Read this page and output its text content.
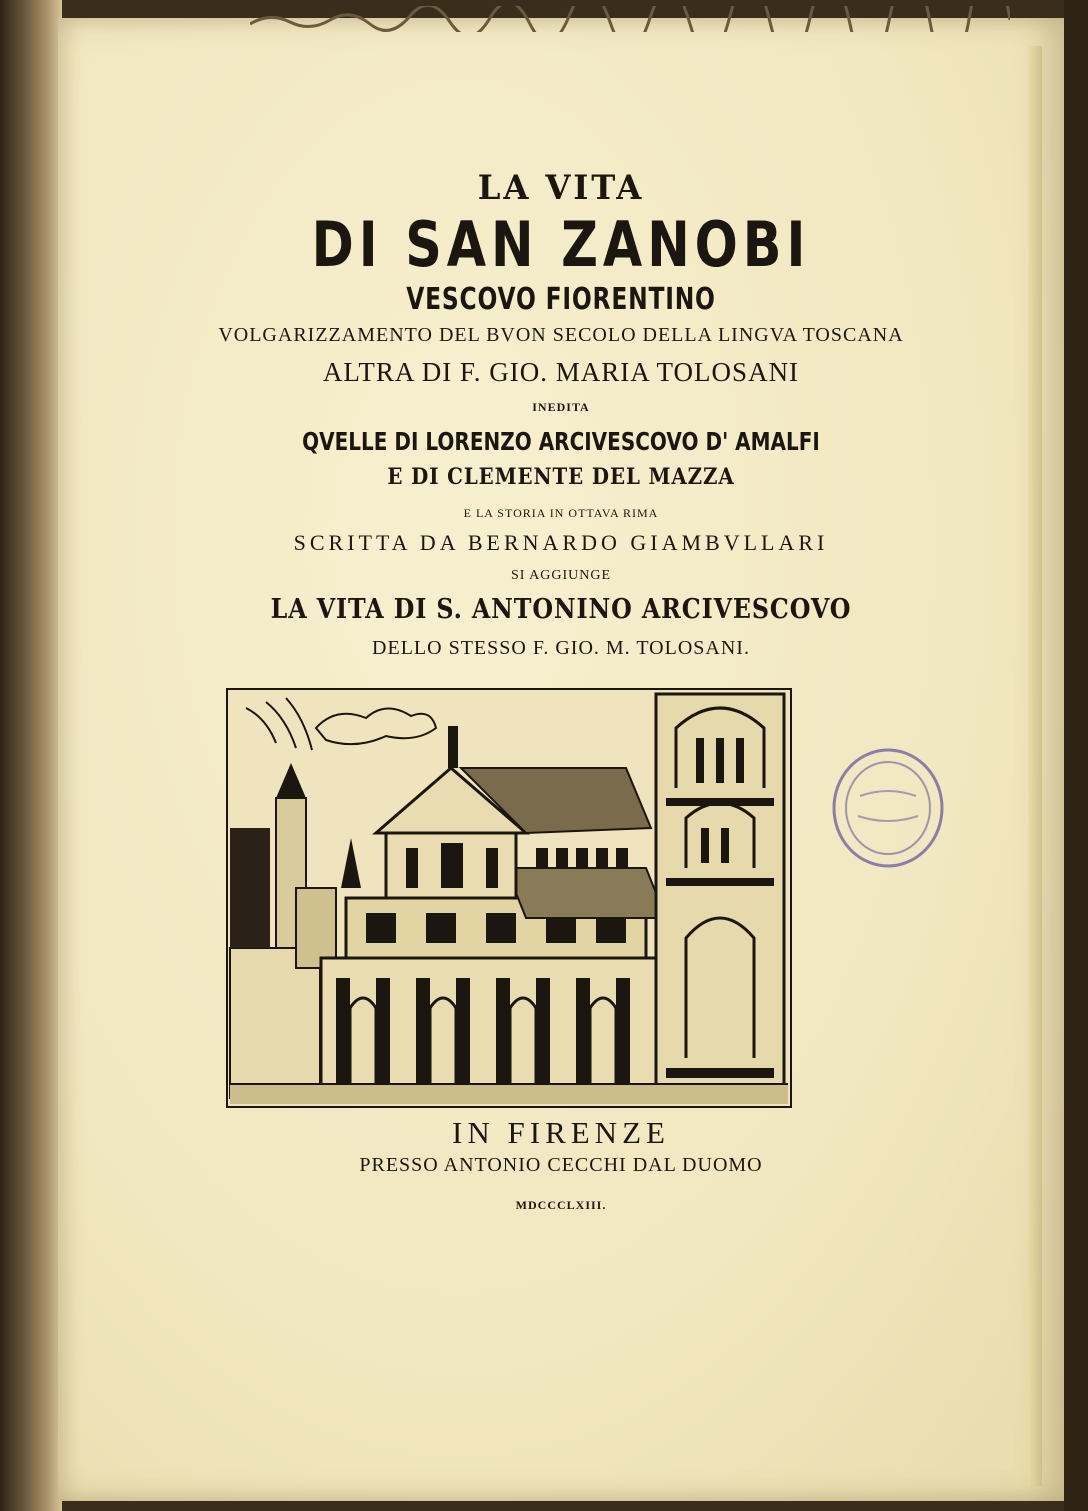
LA VITA

DI SAN ZANOBI

VESCOVO FIORENTINO

VOLGARIZZAMENTO DEL BVON SECOLO DELLA LINGVA TOSCANA

ALTRA DI F. GIO. MARIA TOLOSANI

INEDITA

QVELLE DI LORENZO ARCIVESCOVO D' AMALFI

E DI CLEMENTE DEL MAZZA

E LA STORIA IN OTTAVA RIMA

SCRITTA DA BERNARDO GIAMBVLLARI

SI AGGIUNGE

LA VITA DI S. ANTONINO ARCIVESCOVO

DELLO STESSO F. GIO. M. TOLOSANI.

IN FIRENZE

PRESSO ANTONIO CECCHI DAL DUOMO

MDCCCLXIII.
